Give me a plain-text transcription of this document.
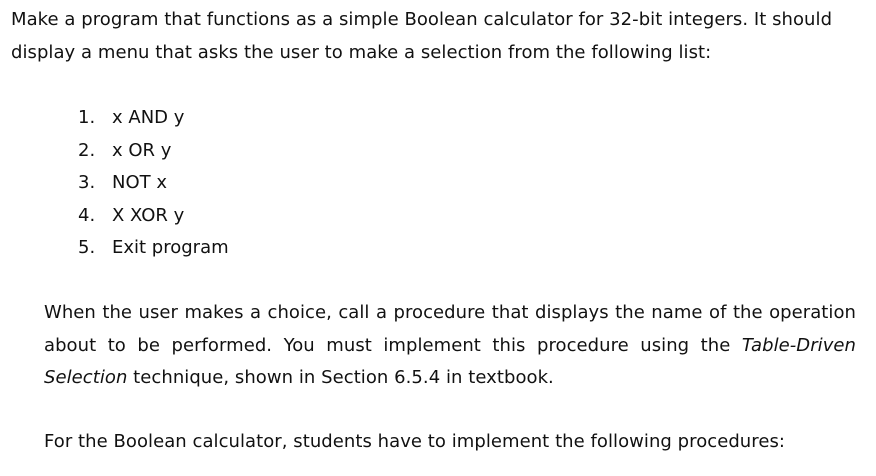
Make a program that functions as a simple Boolean calculator for 32-bit integers. It should display a menu that asks the user to make a selection from the following list:

1. x AND y
2. x OR y
3. NOT x
4. X XOR y
5. Exit program

When the user makes a choice, call a procedure that displays the name of the operation about to be performed. You must implement this procedure using the Table-Driven Selection technique, shown in Section 6.5.4 in textbook.

For the Boolean calculator, students have to implement the following procedures:
